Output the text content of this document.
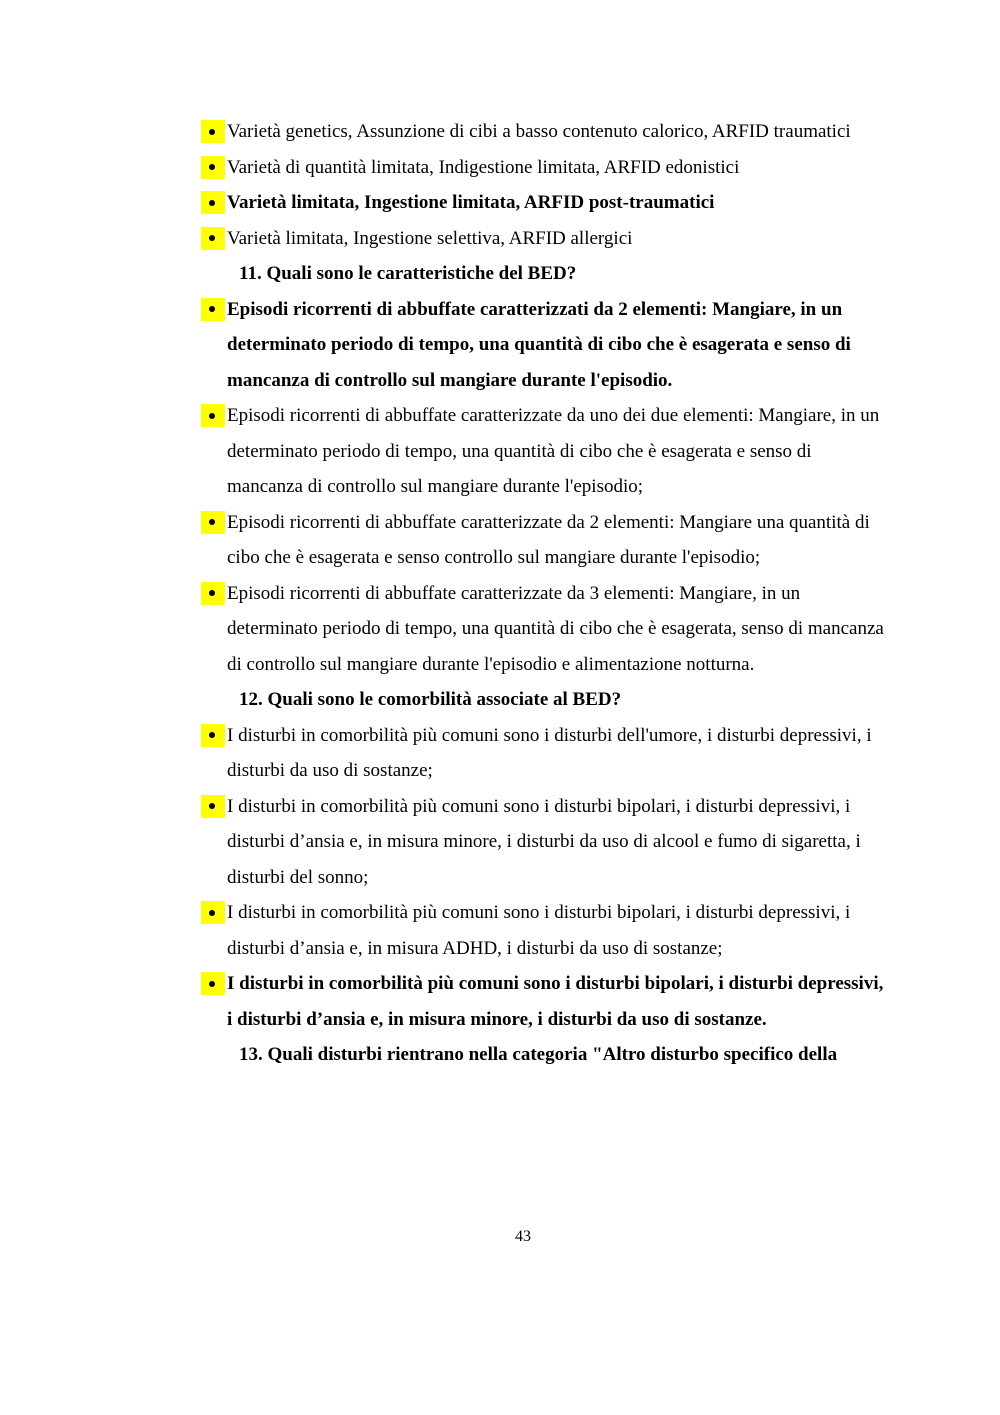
Varietà genetics, Assunzione di cibi a basso contenuto calorico, ARFID traumatici
Varietà di quantità limitata, Indigestione limitata, ARFID edonistici
Varietà limitata, Ingestione limitata, ARFID post-traumatici
Varietà limitata, Ingestione selettiva, ARFID allergici
11. Quali sono le caratteristiche del BED?
Episodi ricorrenti di abbuffate caratterizzati da 2 elementi: Mangiare, in un determinato periodo di tempo, una quantità di cibo che è esagerata e senso di mancanza di controllo sul mangiare durante l'episodio.
Episodi ricorrenti di abbuffate caratterizzate da uno dei due elementi: Mangiare, in un determinato periodo di tempo, una quantità di cibo che è esagerata e senso di mancanza di controllo sul mangiare durante l'episodio;
Episodi ricorrenti di abbuffate caratterizzate da 2 elementi: Mangiare una quantità di cibo che è esagerata e senso controllo sul mangiare durante l'episodio;
Episodi ricorrenti di abbuffate caratterizzate da 3 elementi: Mangiare, in un determinato periodo di tempo, una quantità di cibo che è esagerata, senso di mancanza di controllo sul mangiare durante l'episodio e alimentazione notturna.
12. Quali sono le comorbilità associate al BED?
I disturbi in comorbilità più comuni sono i disturbi dell'umore, i disturbi depressivi, i disturbi da uso di sostanze;
I disturbi in comorbilità più comuni sono i disturbi bipolari, i disturbi depressivi, i disturbi d’ansia e, in misura minore, i disturbi da uso di alcool e fumo di sigaretta, i disturbi del sonno;
I disturbi in comorbilità più comuni sono i disturbi bipolari, i disturbi depressivi, i disturbi d’ansia e, in misura ADHD, i disturbi da uso di sostanze;
I disturbi in comorbilità più comuni sono i disturbi bipolari, i disturbi depressivi, i disturbi d’ansia e, in misura minore, i disturbi da uso di sostanze.
13. Quali disturbi rientrano nella categoria "Altro disturbo specifico della
43
